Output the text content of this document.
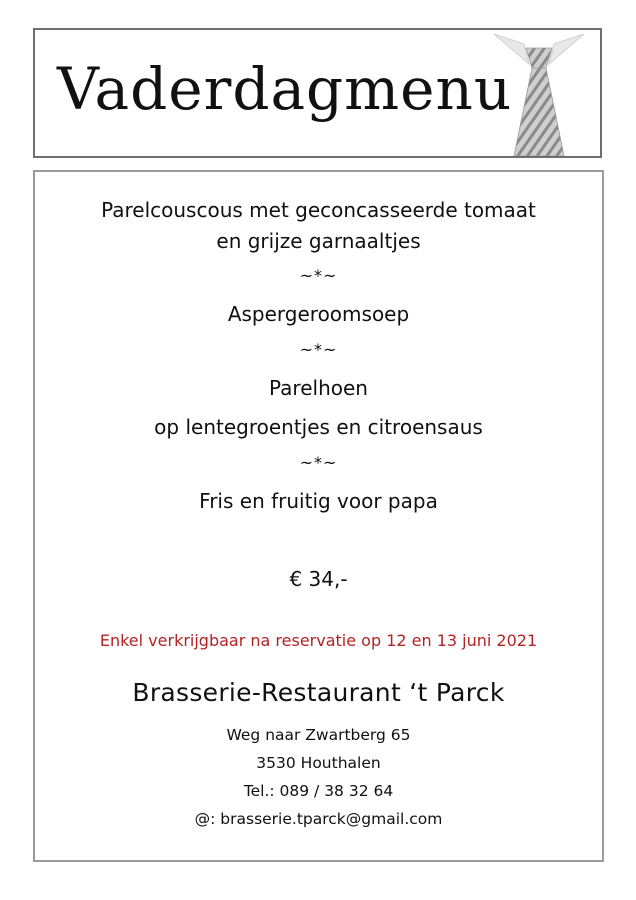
Vaderdagmenu
Parelcouscous met geconcasseerde tomaat
en grijze garnaaltjes
~*~
Aspergeroomsoep
~*~
Parelhoen
op lentegroentjes en citroensaus
~*~
Fris en fruitig voor papa
€ 34,-
Enkel verkrijgbaar na reservatie op 12 en 13 juni 2021
Brasserie-Restaurant ‘t Parck
Weg naar Zwartberg 65
3530 Houthalen
Tel.: 089 / 38 32 64
@: brasserie.tparck@gmail.com
